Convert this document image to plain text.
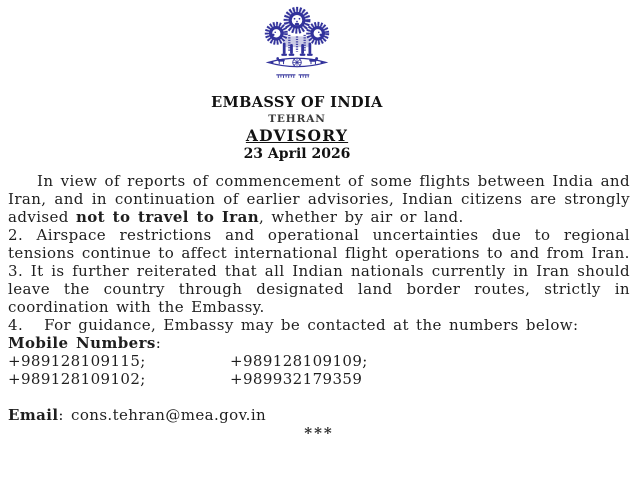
EMBASSY OF INDIA
TEHRAN
ADVISORY
23 April 2026

In view of reports of commencement of some flights between India and Iran, and in continuation of earlier advisories, Indian citizens are strongly advised not to travel to Iran, whether by air or land.

2. Airspace restrictions and operational uncertainties due to regional tensions continue to affect international flight operations to and from Iran.

3. It is further reiterated that all Indian nationals currently in Iran should leave the country through designated land border routes, strictly in coordination with the Embassy.

4. For guidance, Embassy may be contacted at the numbers below:

Mobile Numbers:

+989128109115;	+989128109109;

+989128109102;	+989932179359

Email: cons.tehran@mea.gov.in

***
